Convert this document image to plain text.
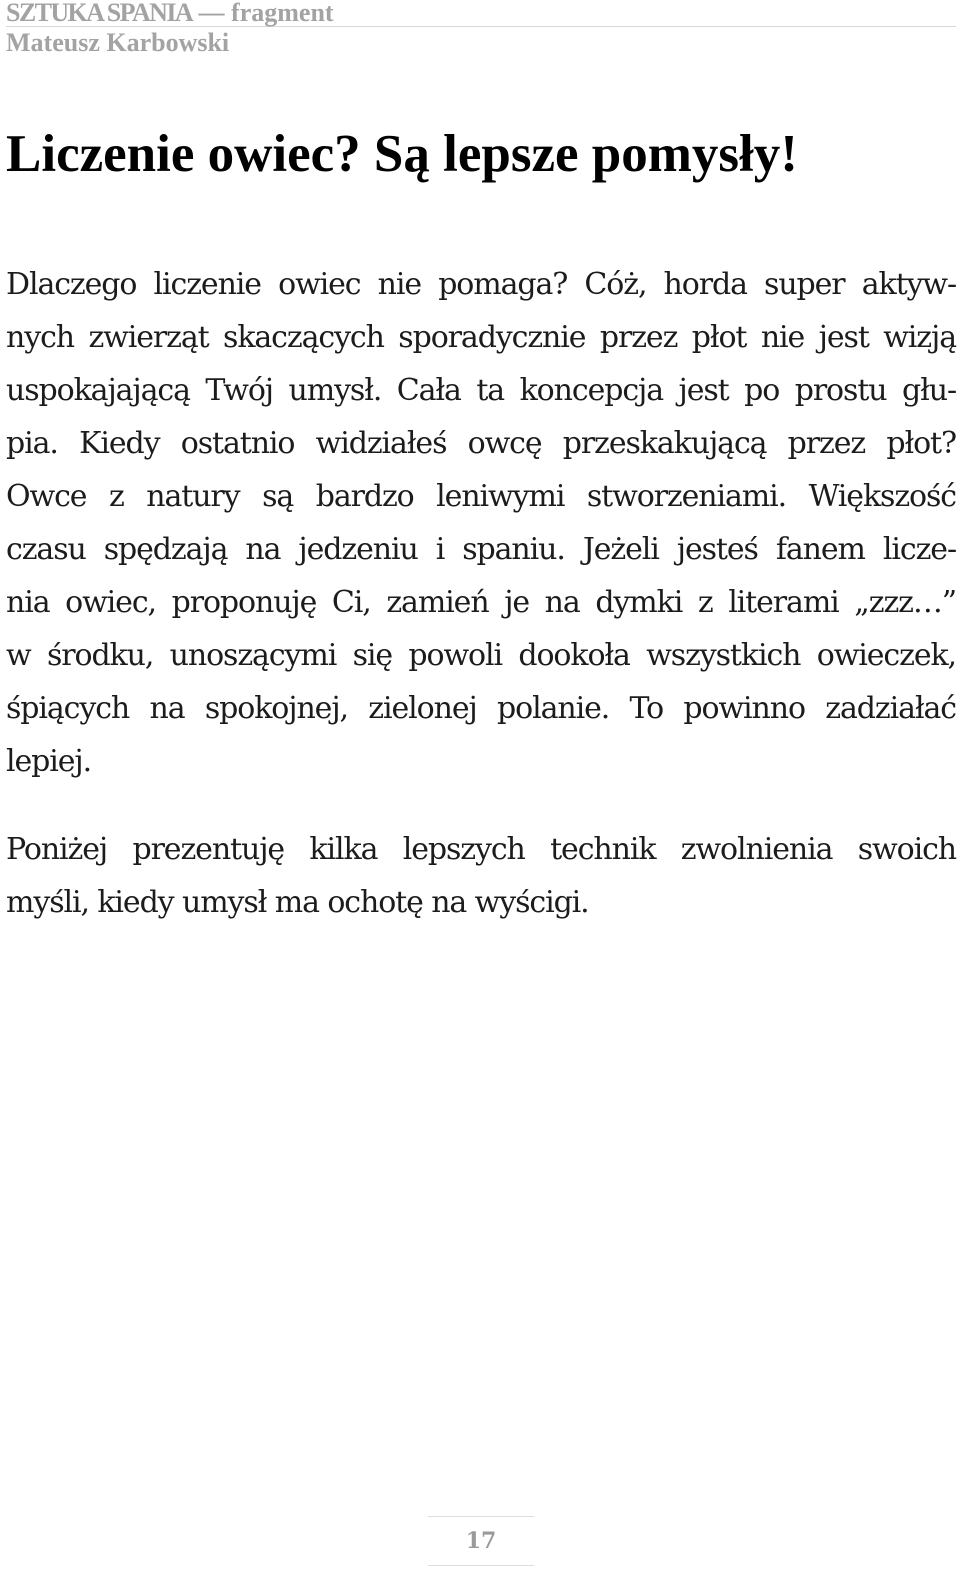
SZTUKA SPANIA — fragment
Mateusz Karbowski
Liczenie owiec? Są lepsze pomysły!

Dlaczego liczenie owiec nie pomaga? Cóż, horda super aktyw-
nych zwierząt skaczących sporadycznie przez płot nie jest wizją
uspokajającą Twój umysł. Cała ta koncepcja jest po prostu głu-
pia. Kiedy ostatnio widziałeś owcę przeskakującą przez płot?
Owce z natury są bardzo leniwymi stworzeniami. Większość
czasu spędzają na jedzeniu i spaniu. Jeżeli jesteś fanem licze-
nia owiec, proponuję Ci, zamień je na dymki z literami „zzz…”
w środku, unoszącymi się powoli dookoła wszystkich owieczek,
śpiących na spokojnej, zielonej polanie. To powinno zadziałać
lepiej.

Poniżej prezentuję kilka lepszych technik zwolnienia swoich
myśli, kiedy umysł ma ochotę na wyścigi.

17
